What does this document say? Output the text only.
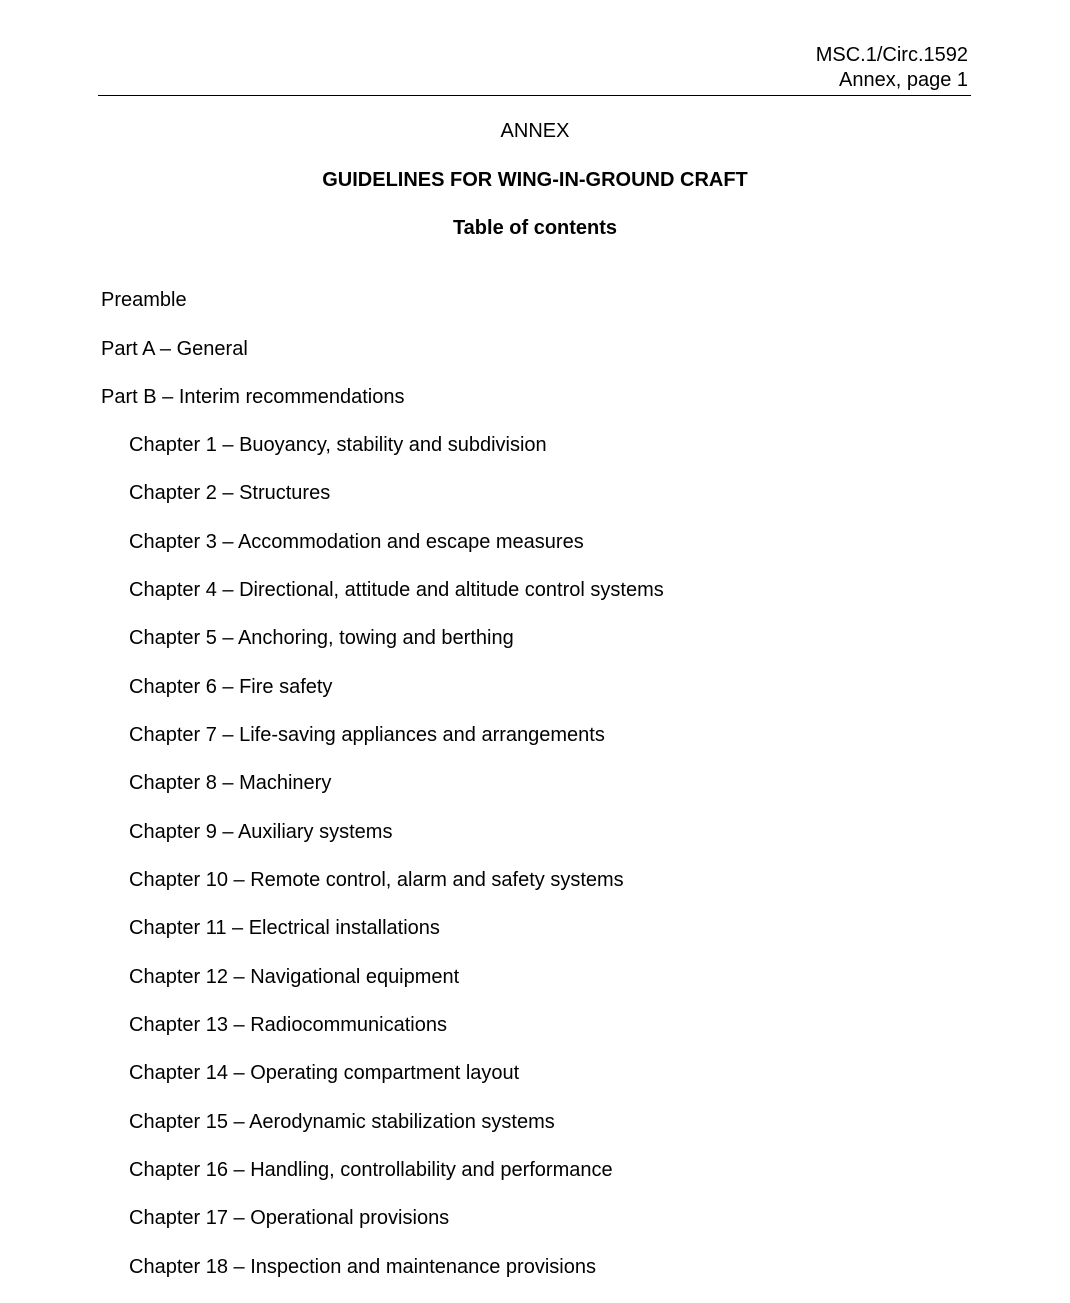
MSC.1/Circ.1592
Annex, page 1
ANNEX
GUIDELINES FOR WING-IN-GROUND CRAFT
Table of contents
Preamble
Part A – General
Part B – Interim recommendations
Chapter 1 – Buoyancy, stability and subdivision
Chapter 2 – Structures
Chapter 3 – Accommodation and escape measures
Chapter 4 – Directional, attitude and altitude control systems
Chapter 5 – Anchoring, towing and berthing
Chapter 6 – Fire safety
Chapter 7 – Life-saving appliances and arrangements
Chapter 8 – Machinery
Chapter 9 – Auxiliary systems
Chapter 10 – Remote control, alarm and safety systems
Chapter 11 – Electrical installations
Chapter 12 – Navigational equipment
Chapter 13 – Radiocommunications
Chapter 14 – Operating compartment layout
Chapter 15 – Aerodynamic stabilization systems
Chapter 16 – Handling, controllability and performance
Chapter 17 – Operational provisions
Chapter 18 – Inspection and maintenance provisions
